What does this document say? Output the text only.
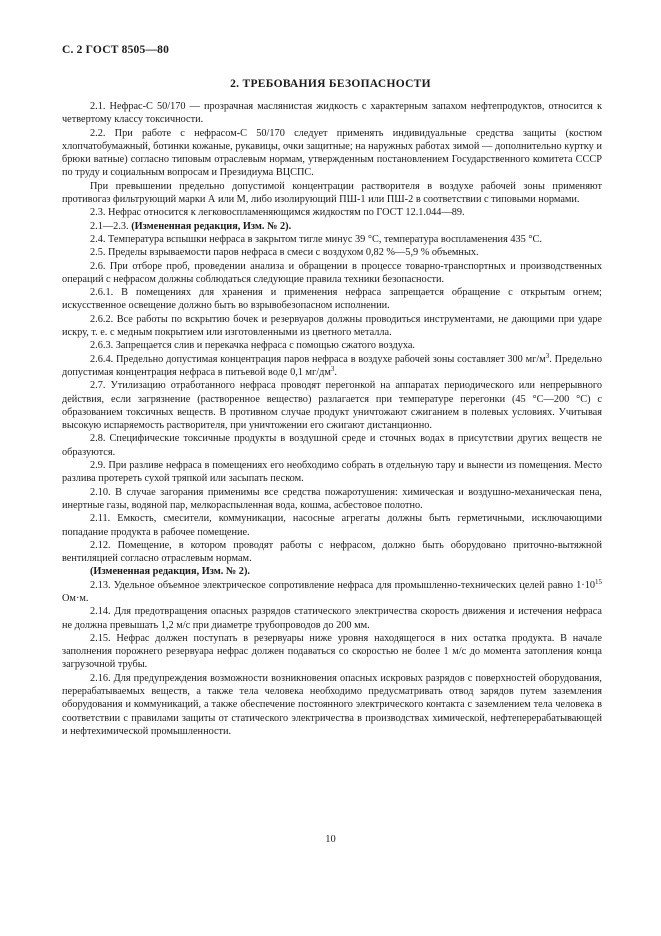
С. 2 ГОСТ 8505—80
2. ТРЕБОВАНИЯ БЕЗОПАСНОСТИ

2.1. Нефрас-С 50/170 — прозрачная маслянистая жидкость с характерным запахом нефтепродуктов, относится к четвертому классу токсичности.

2.2. При работе с нефрасом-С 50/170 следует применять индивидуальные средства защиты (костюм хлопчатобумажный, ботинки кожаные, рукавицы, очки защитные; на наружных работах зимой — дополнительно куртку и брюки ватные) согласно типовым отраслевым нормам, утвержденным постановлением Государственного комитета СССР по труду и социальным вопросам и Президиума ВЦСПС.

При превышении предельно допустимой концентрации растворителя в воздухе рабочей зоны применяют противогаз фильтрующий марки А или М, либо изолирующий ПШ-1 или ПШ-2 в соответствии с типовыми нормами.

2.3. Нефрас относится к легковоспламеняющимся жидкостям по ГОСТ 12.1.044—89.

2.1—2.3. (Измененная редакция, Изм. № 2).

2.4. Температура вспышки нефраса в закрытом тигле минус 39 °С, температура воспламенения 435 °С.

2.5. Пределы взрываемости паров нефраса в смеси с воздухом 0,82 %—5,9 % объемных.

2.6. При отборе проб, проведении анализа и обращении в процессе товарно-транспортных и производственных операций с нефрасом должны соблюдаться следующие правила техники безопасности.

2.6.1. В помещениях для хранения и применения нефраса запрещается обращение с открытым огнем; искусственное освещение должно быть во взрывобезопасном исполнении.

2.6.2. Все работы по вскрытию бочек и резервуаров должны проводиться инструментами, не дающими при ударе искру, т. е. с медным покрытием или изготовленными из цветного металла.

2.6.3. Запрещается слив и перекачка нефраса с помощью сжатого воздуха.

2.6.4. Предельно допустимая концентрация паров нефраса в воздухе рабочей зоны составляет 300 $мг/м^3$. Предельно допустимая концентрация нефраса в питьевой воде 0,1 $мг/дм^3$.

2.7. Утилизацию отработанного нефраса проводят перегонкой на аппаратах периодического или непрерывного действия, если загрязнение (растворенное вещество) разлагается при температуре перегонки (45 °С—200 °С) с образованием токсичных веществ. В противном случае продукт уничтожают сжиганием в полевых условиях. Учитывая высокую испаряемость растворителя, при уничтожении его сжигают дистанционно.

2.8. Специфические токсичные продукты в воздушной среде и сточных водах в присутствии других веществ не образуются.

2.9. При разливе нефраса в помещениях его необходимо собрать в отдельную тару и вынести из помещения. Место разлива протереть сухой тряпкой или засыпать песком.

2.10. В случае загорания применимы все средства пожаротушения: химическая и воздушно-механическая пена, инертные газы, водяной пар, мелкораспыленная вода, кошма, асбестовое полотно.

2.11. Емкость, смесители, коммуникации, насосные агрегаты должны быть герметичными, исключающими попадание продукта в рабочее помещение.

2.12. Помещение, в котором проводят работы с нефрасом, должно быть оборудовано приточно-вытяжной вентиляцией согласно отраслевым нормам.

(Измененная редакция, Изм. № 2).

2.13. Удельное объемное электрическое сопротивление нефраса для промышленно-технических целей равно $1\cdot 10^{15}$ Ом·м.

2.14. Для предотвращения опасных разрядов статического электричества скорость движения и истечения нефраса не должна превышать 1,2 м/с при диаметре трубопроводов до 200 мм.

2.15. Нефрас должен поступать в резервуары ниже уровня находящегося в них остатка продукта. В начале заполнения порожнего резервуара нефрас должен подаваться со скоростью не более 1 м/с до момента затопления конца загрузочной трубы.

2.16. Для предупреждения возможности возникновения опасных искровых разрядов с поверхностей оборудования, перерабатываемых веществ, а также тела человека необходимо предусматривать отвод зарядов путем заземления оборудования и коммуникаций, а также обеспечение постоянного электрического контакта с заземлением тела человека в соответствии с правилами защиты от статического электричества в производствах химической, нефтеперерабатывающей и нефтехимической промышленности.

10
